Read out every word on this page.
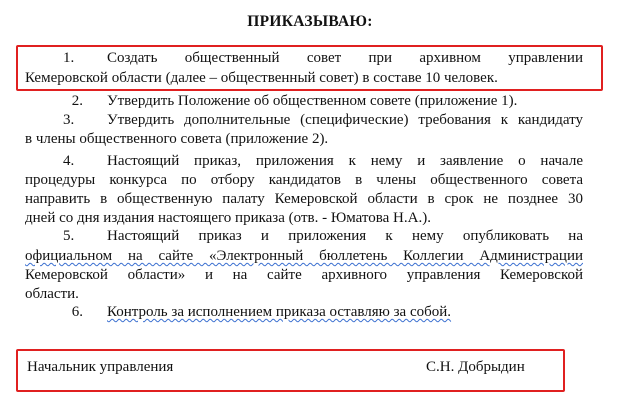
ПРИКАЗЫВАЮ:
1. Создать общественный совет при архивном управлении
Кемеровской области (далее – общественный совет) в составе 10 человек.
2. Утвердить Положение об общественном совете (приложение 1).
3. Утвердить дополнительные (специфические) требования к кандидату
в члены общественного совета (приложение 2).
4. Настоящий приказ, приложения к нему и заявление о начале
процедуры конкурса по отбору кандидатов в члены общественного совета
направить в общественную палату Кемеровской области в срок не позднее 30
дней со дня издания настоящего приказа (отв. - Юматова Н.А.).
5. Настоящий приказ и приложения к нему опубликовать на
официальном на сайте «Электронный бюллетень Коллегии Администрации
Кемеровской области» и на сайте архивного управления Кемеровской
области.
6. Контроль за исполнением приказа оставляю за собой.
Начальник управления	С.Н. Добрыдин
